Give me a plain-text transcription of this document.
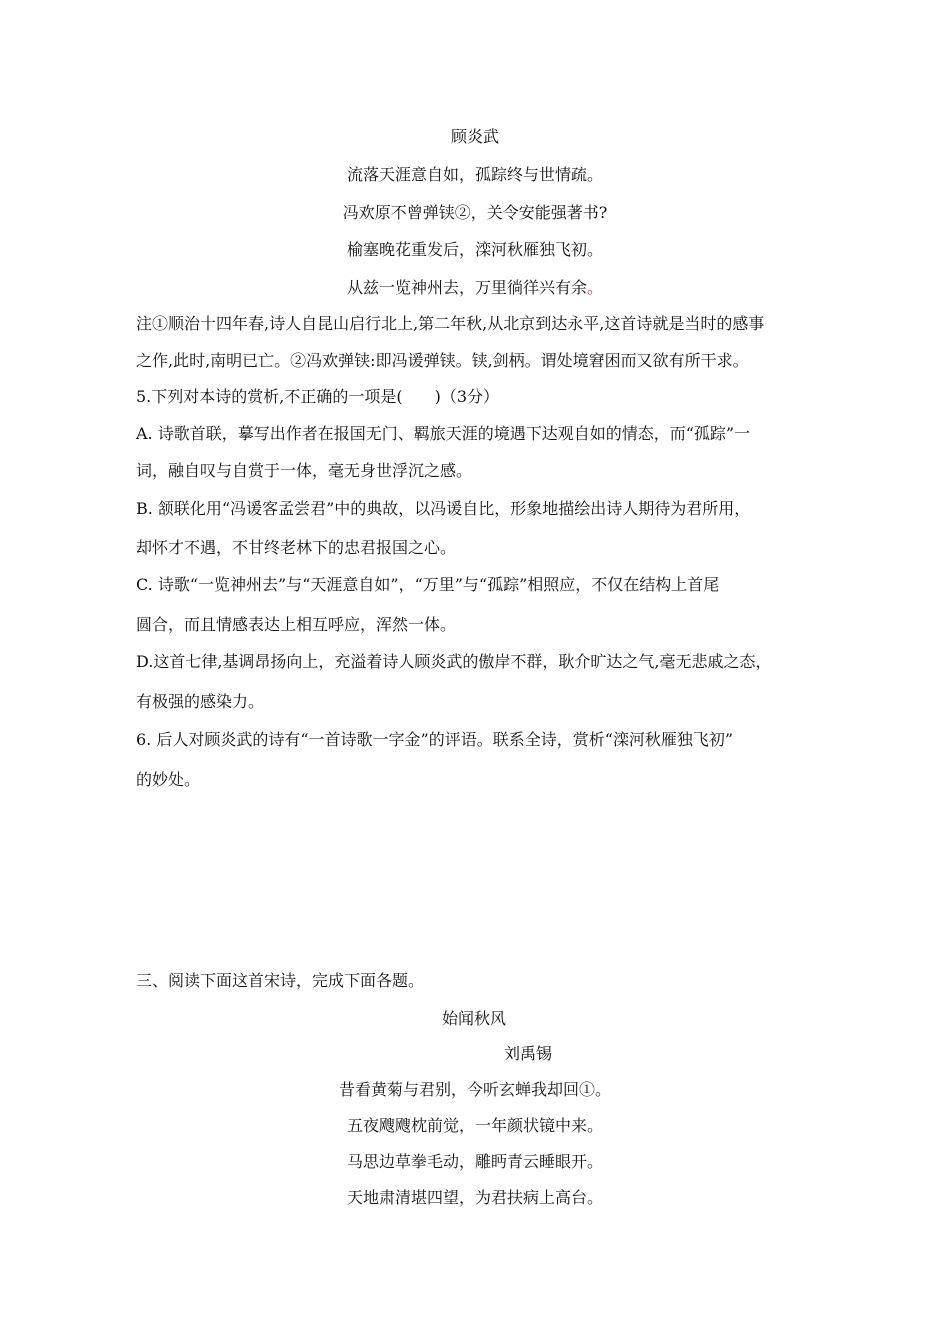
顾炎武
流落天涯意自如，孤踪终与世情疏。
冯欢原不曾弹铗②，关令安能强著书?
榆塞晚花重发后，滦河秋雁独飞初。
从兹一览神州去，万里徜徉兴有余。
注①顺治十四年春,诗人自昆山启行北上,第二年秋,从北京到达永平,这首诗就是当时的感事
之作,此时,南明已亡。②冯欢弹铗:即冯谖弹铗。铗,剑柄。谓处境窘困而又欲有所干求。
5.下列对本诗的赏析,不正确的一项是(　　)（3分）
A. 诗歌首联，摹写出作者在报国无门、羁旅天涯的境遇下达观自如的情态，而“孤踪”一
词，融自叹与自赏于一体，毫无身世浮沉之感。
B. 颔联化用“冯谖客孟尝君”中的典故，以冯谖自比，形象地描绘出诗人期待为君所用，
却怀才不遇，不甘终老林下的忠君报国之心。
C. 诗歌“一览神州去”与“天涯意自如”，“万里”与“孤踪”相照应，不仅在结构上首尾
圆合，而且情感表达上相互呼应，浑然一体。
D.这首七律,基调昂扬向上，充溢着诗人顾炎武的傲岸不群，耿介旷达之气,毫无悲戚之态，
有极强的感染力。
6. 后人对顾炎武的诗有“一首诗歌一字金”的评语。联系全诗，赏析“滦河秋雁独飞初”
的妙处。
三、阅读下面这首宋诗，完成下面各题。
始闻秋风
刘禹锡
昔看黄菊与君别，今听玄蝉我却回①。
五夜飕飕枕前觉，一年颜状镜中来。
马思边草拳毛动，雕眄青云睡眼开。
天地肃清堪四望，为君扶病上高台。
